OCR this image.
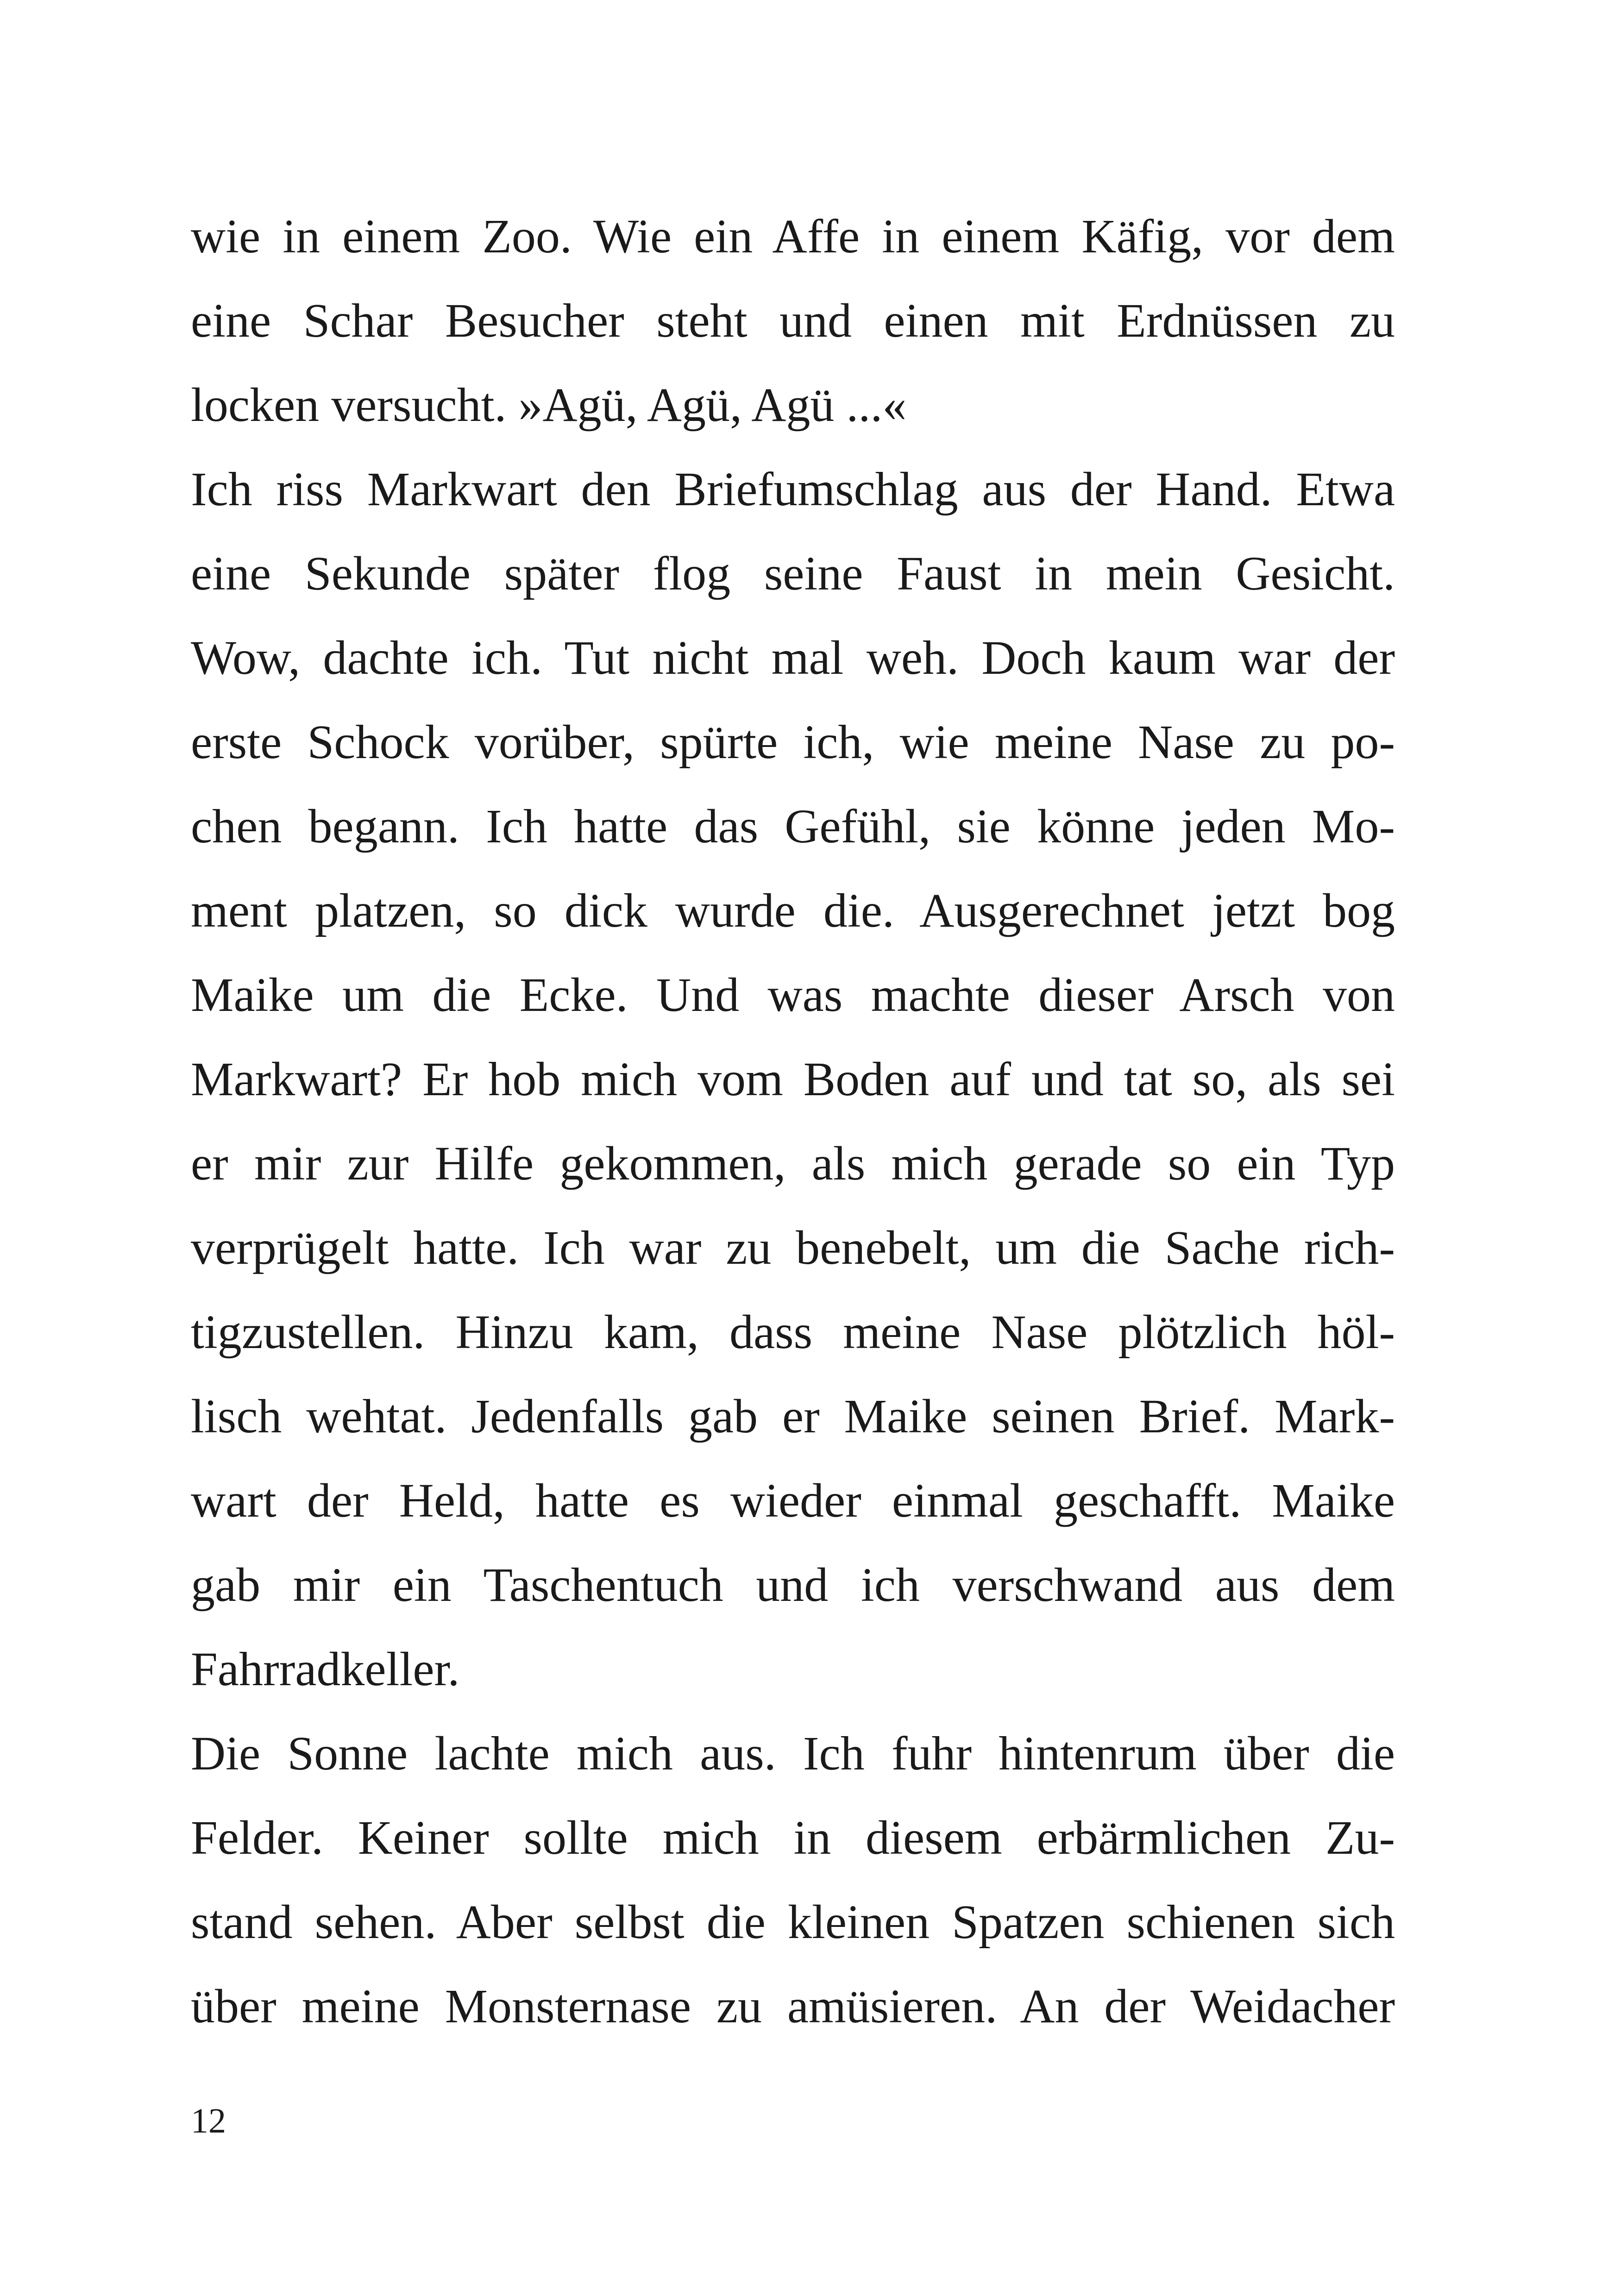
wie in einem Zoo. Wie ein Affe in einem Käfig, vor dem
eine Schar Besucher steht und einen mit Erdnüssen zu
locken versucht. »Agü, Agü, Agü ...«
Ich riss Markwart den Briefumschlag aus der Hand. Etwa
eine Sekunde später flog seine Faust in mein Gesicht.
Wow, dachte ich. Tut nicht mal weh. Doch kaum war der
erste Schock vorüber, spürte ich, wie meine Nase zu po-
chen begann. Ich hatte das Gefühl, sie könne jeden Mo-
ment platzen, so dick wurde die. Ausgerechnet jetzt bog
Maike um die Ecke. Und was machte dieser Arsch von
Markwart? Er hob mich vom Boden auf und tat so, als sei
er mir zur Hilfe gekommen, als mich gerade so ein Typ
verprügelt hatte. Ich war zu benebelt, um die Sache rich-
tigzustellen. Hinzu kam, dass meine Nase plötzlich höl-
lisch wehtat. Jedenfalls gab er Maike seinen Brief. Mark-
wart der Held, hatte es wieder einmal geschafft. Maike
gab mir ein Taschentuch und ich verschwand aus dem
Fahrradkeller.
Die Sonne lachte mich aus. Ich fuhr hintenrum über die
Felder. Keiner sollte mich in diesem erbärmlichen Zu-
stand sehen. Aber selbst die kleinen Spatzen schienen sich
über meine Monsternase zu amüsieren. An der Weidacher
12
